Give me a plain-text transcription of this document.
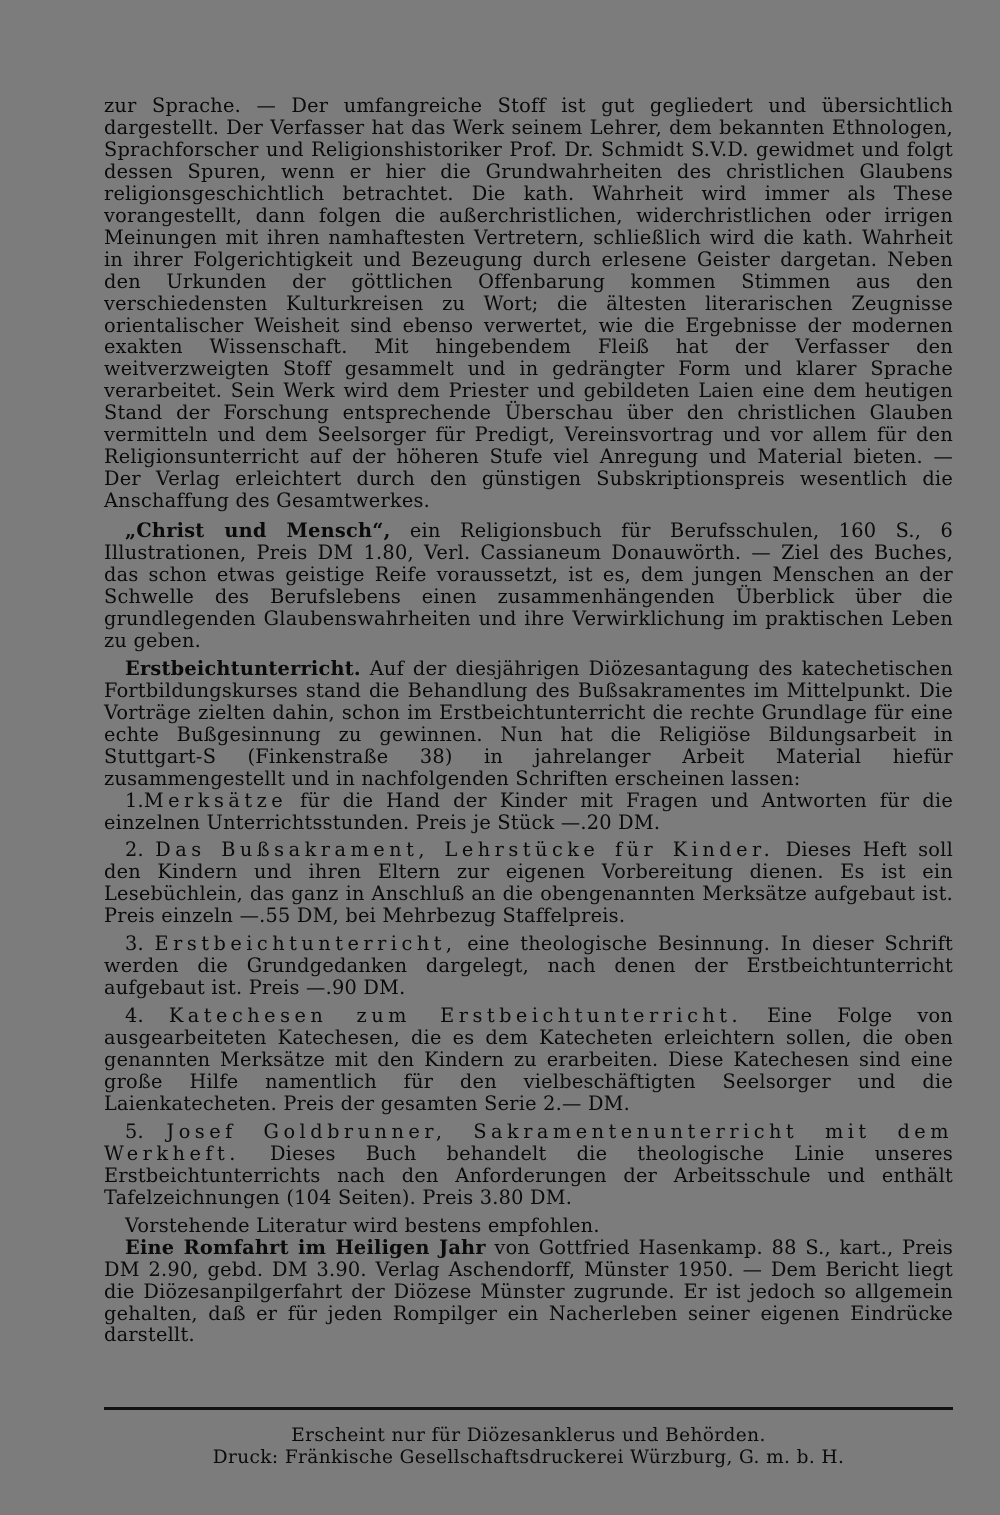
zur Sprache. — Der umfangreiche Stoff ist gut gegliedert und übersichtlich dargestellt. Der Verfasser hat das Werk seinem Lehrer, dem bekannten Ethnologen, Sprachforscher und Religionshistoriker Prof. Dr. Schmidt S.V.D. gewidmet und folgt dessen Spuren, wenn er hier die Grundwahrheiten des christlichen Glaubens religionsgeschichtlich betrachtet. Die kath. Wahrheit wird immer als These vorangestellt, dann folgen die außerchristlichen, widerchristlichen oder irrigen Meinungen mit ihren namhaftesten Vertretern, schließlich wird die kath. Wahrheit in ihrer Folgerichtigkeit und Bezeugung durch erlesene Geister dargetan. Neben den Urkunden der göttlichen Offenbarung kommen Stimmen aus den verschiedensten Kulturkreisen zu Wort; die ältesten literarischen Zeugnisse orientalischer Weisheit sind ebenso verwertet, wie die Ergebnisse der modernen exakten Wissenschaft. Mit hingebendem Fleiß hat der Verfasser den weitverzweigten Stoff gesammelt und in gedrängter Form und klarer Sprache verarbeitet. Sein Werk wird dem Priester und gebildeten Laien eine dem heutigen Stand der Forschung entsprechende Überschau über den christlichen Glauben vermitteln und dem Seelsorger für Predigt, Vereinsvortrag und vor allem für den Religionsunterricht auf der höheren Stufe viel Anregung und Material bieten. — Der Verlag erleichtert durch den günstigen Subskriptionspreis wesentlich die Anschaffung des Gesamtwerkes.

„Christ und Mensch“, ein Religionsbuch für Berufsschulen, 160 S., 6 Illustrationen, Preis DM 1.80, Verl. Cassianeum Donauwörth. — Ziel des Buches, das schon etwas geistige Reife voraussetzt, ist es, dem jungen Menschen an der Schwelle des Berufslebens einen zusammenhängenden Überblick über die grundlegenden Glaubenswahrheiten und ihre Verwirklichung im praktischen Leben zu geben.

Erstbeichtunterricht. Auf der diesjährigen Diözesantagung des katechetischen Fortbildungskurses stand die Behandlung des Bußsakramentes im Mittelpunkt. Die Vorträge zielten dahin, schon im Erstbeichtunterricht die rechte Grundlage für eine echte Bußgesinnung zu gewinnen. Nun hat die Religiöse Bildungsarbeit in Stuttgart-S (Finkenstraße 38) in jahrelanger Arbeit Material hiefür zusammengestellt und in nachfolgenden Schriften erscheinen lassen:

1.Merksätze für die Hand der Kinder mit Fragen und Antworten für die einzelnen Unterrichtsstunden. Preis je Stück —.20 DM.

2. Das Bußsakrament, Lehrstücke für Kinder. Dieses Heft soll den Kindern und ihren Eltern zur eigenen Vorbereitung dienen. Es ist ein Lesebüchlein, das ganz in Anschluß an die obengenannten Merksätze aufgebaut ist. Preis einzeln —.55 DM, bei Mehrbezug Staffelpreis.

3. Erstbeichtunterricht, eine theologische Besinnung. In dieser Schrift werden die Grundgedanken dargelegt, nach denen der Erstbeichtunterricht aufgebaut ist. Preis —.90 DM.

4. Katechesen zum Erstbeichtunterricht. Eine Folge von ausgearbeiteten Katechesen, die es dem Katecheten erleichtern sollen, die oben genannten Merksätze mit den Kindern zu erarbeiten. Diese Katechesen sind eine große Hilfe namentlich für den vielbeschäftigten Seelsorger und die Laienkatecheten. Preis der gesamten Serie 2.— DM.

5. Josef Goldbrunner, Sakramentenunterricht mit dem Werkheft. Dieses Buch behandelt die theologische Linie unseres Erstbeichtunterrichts nach den Anforderungen der Arbeitsschule und enthält Tafelzeichnungen (104 Seiten). Preis 3.80 DM.

Vorstehende Literatur wird bestens empfohlen.

Eine Romfahrt im Heiligen Jahr von Gottfried Hasenkamp. 88 S., kart., Preis DM 2.90, gebd. DM 3.90. Verlag Aschendorff, Münster 1950. — Dem Bericht liegt die Diözesanpilgerfahrt der Diözese Münster zugrunde. Er ist jedoch so allgemein gehalten, daß er für jeden Rompilger ein Nacherleben seiner eigenen Eindrücke darstellt.

Erscheint nur für Diözesanklerus und Behörden.
Druck: Fränkische Gesellschaftsdruckerei Würzburg, G. m. b. H.
